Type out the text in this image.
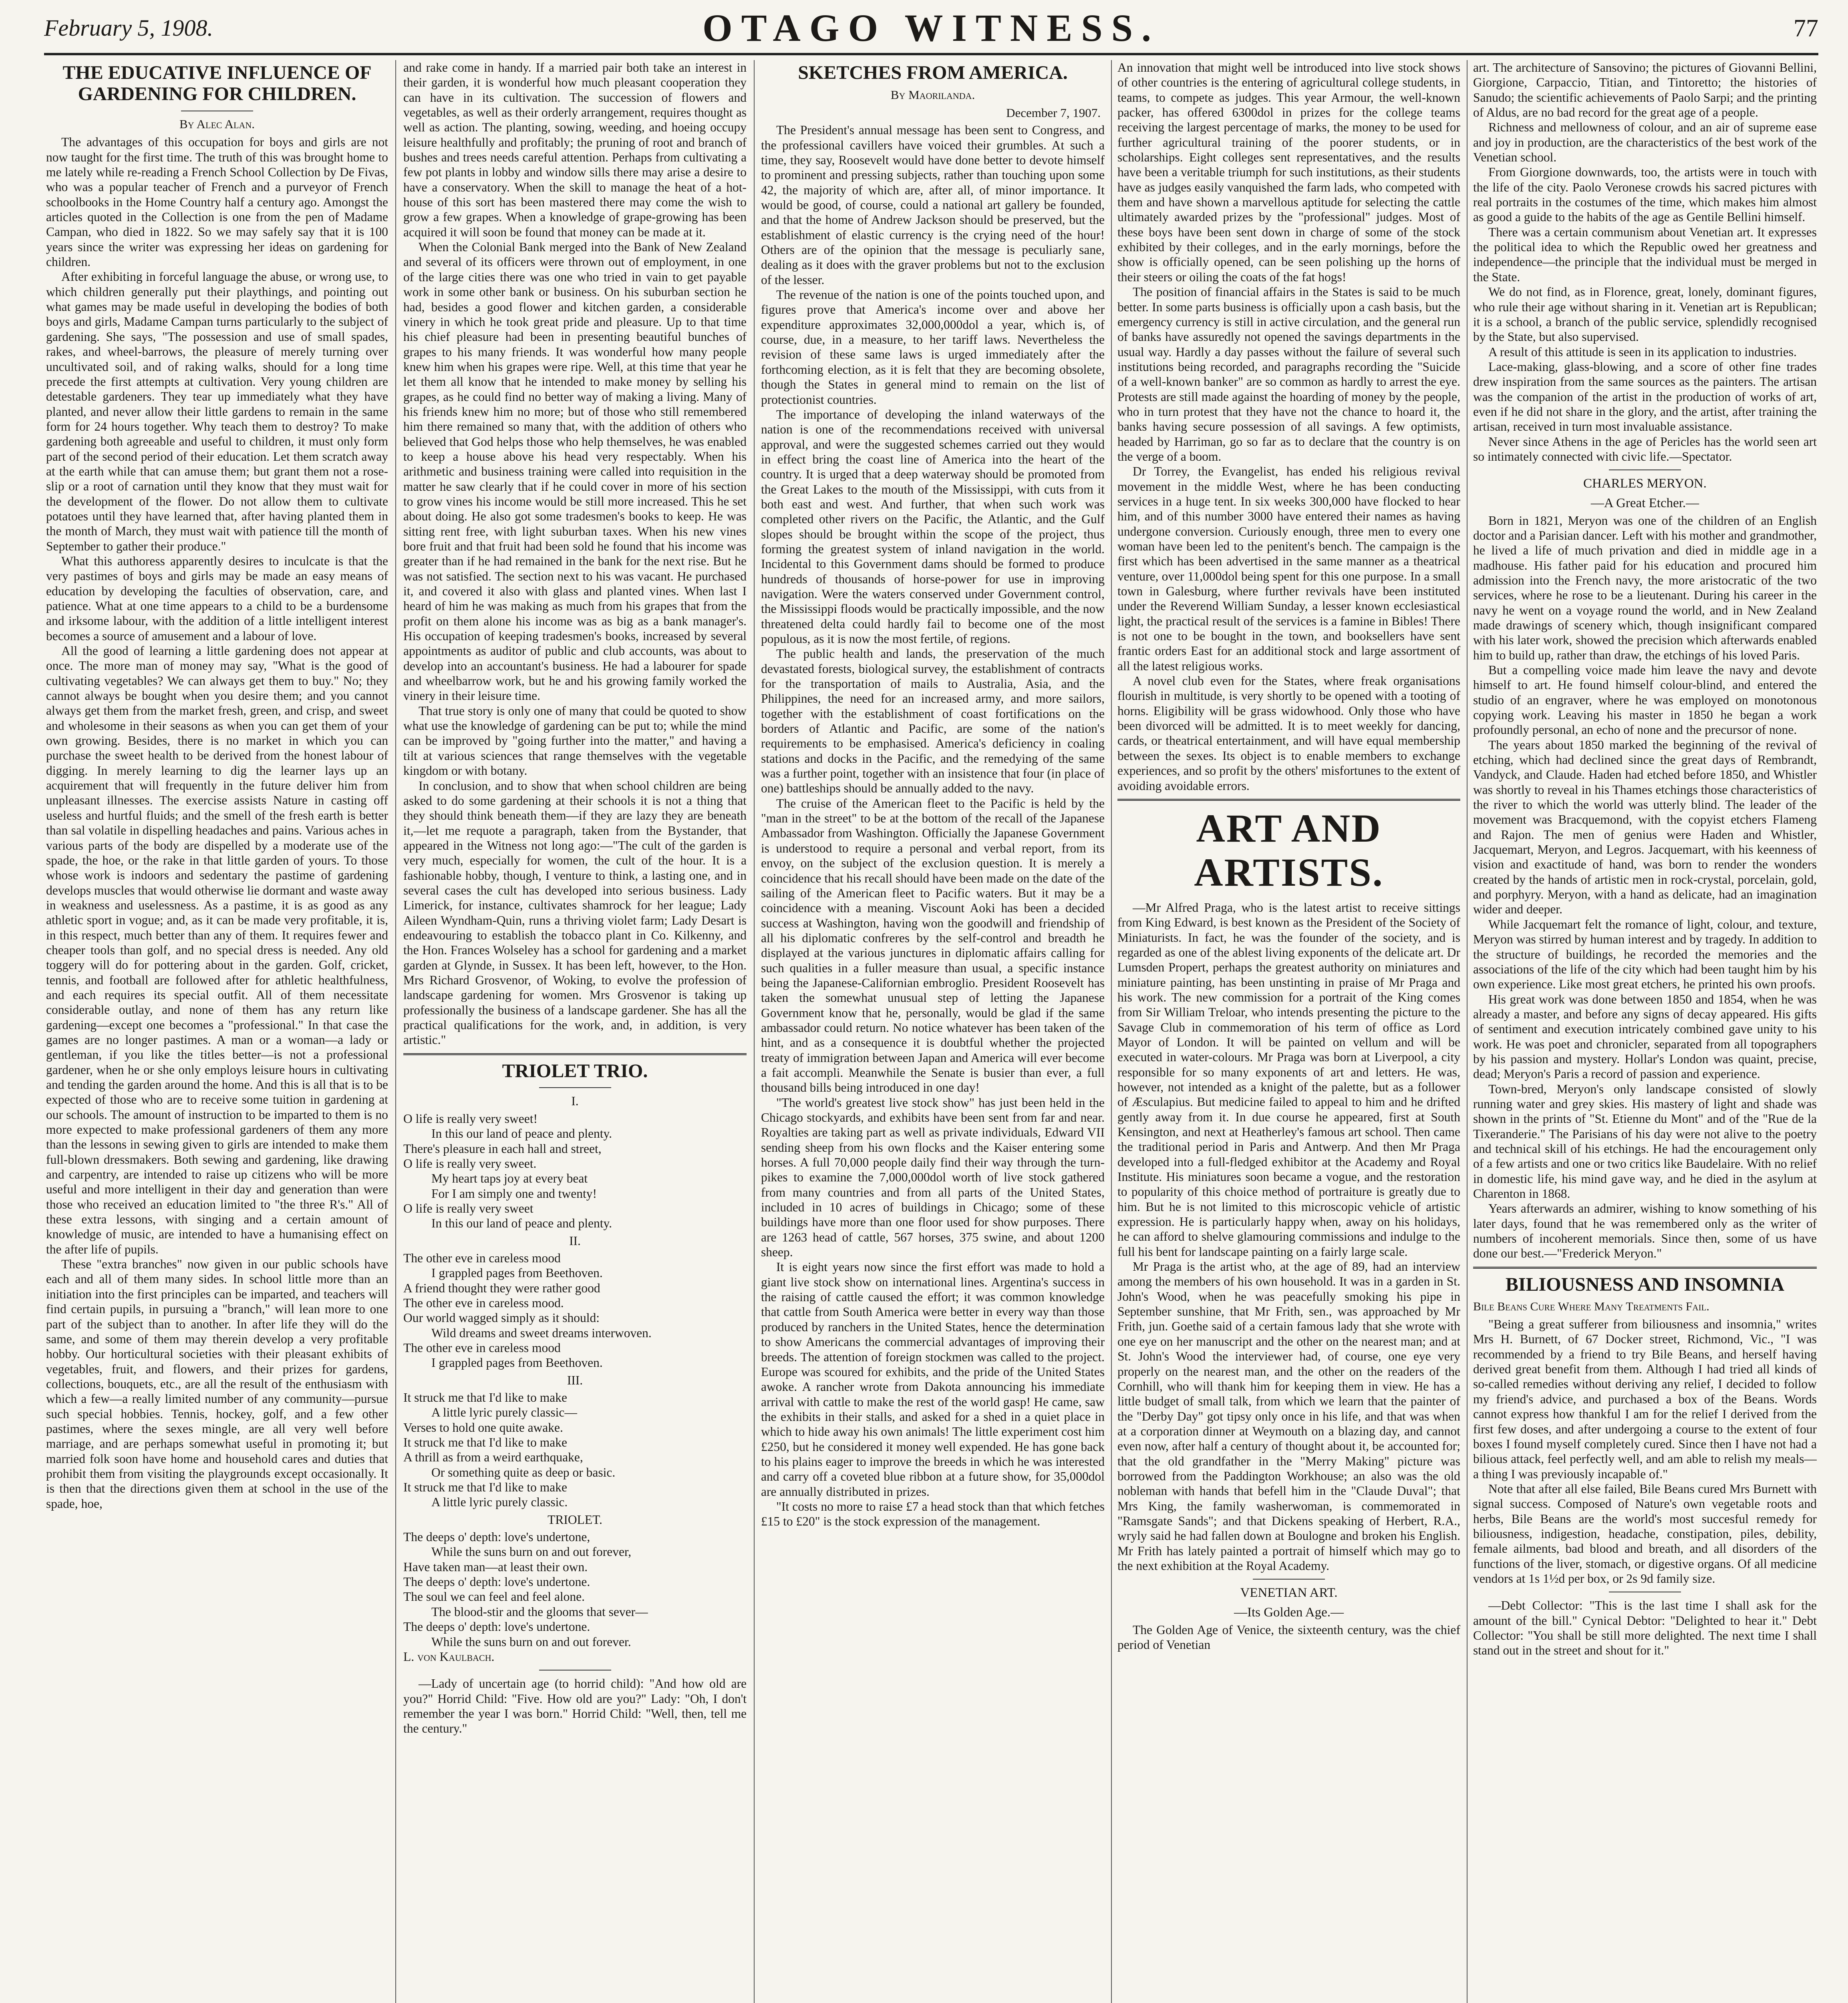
February 5, 1908.	OTAGO WITNESS.	77
THE EDUCATIVE INFLUENCE OF GARDENING FOR CHILDREN.
By Alec Alan.

The advantages of this occupation for boys and girls are not now taught for the first time. The truth of this was brought home to me lately while re-reading a French School Collection by De Fivas, who was a popular teacher of French and a purveyor of French schoolbooks in the Home Country half a century ago. Amongst the articles quoted in the Collection is one from the pen of Madame Campan, who died in 1822. So we may safely say that it is 100 years since the writer was expressing her ideas on gardening for children.

After exhibiting in forceful language the abuse, or wrong use, to which children generally put their playthings, and pointing out what games may be made useful in developing the bodies of both boys and girls, Madame Campan turns particularly to the subject of gardening. She says, "The possession and use of small spades, rakes, and wheel-barrows, the pleasure of merely turning over uncultivated soil, and of raking walks, should for a long time precede the first attempts at cultivation. Very young children are detestable gardeners. They tear up immediately what they have planted, and never allow their little gardens to remain in the same form for 24 hours together. Why teach them to destroy? To make gardening both agreeable and useful to children, it must only form part of the second period of their education. Let them scratch away at the earth while that can amuse them; but grant them not a rose-slip or a root of carnation until they know that they must wait for the development of the flower. Do not allow them to cultivate potatoes until they have learned that, after having planted them in the month of March, they must wait with patience till the month of September to gather their produce."

What this authoress apparently desires to inculcate is that the very pastimes of boys and girls may be made an easy means of education by developing the faculties of observation, care, and patience. What at one time appears to a child to be a burdensome and irksome labour, with the addition of a little intelligent interest becomes a source of amusement and a labour of love.

All the good of learning a little gardening does not appear at once. The more man of money may say, "What is the good of cultivating vegetables? We can always get them to buy." No; they cannot always be bought when you desire them; and you cannot always get them from the market fresh, green, and crisp, and sweet and wholesome in their seasons as when you can get them of your own growing. Besides, there is no market in which you can purchase the sweet health to be derived from the honest labour of digging. In merely learning to dig the learner lays up an acquirement that will frequently in the future deliver him from unpleasant illnesses. The exercise assists Nature in casting off useless and hurtful fluids; and the smell of the fresh earth is better than sal volatile in dispelling headaches and pains. Various aches in various parts of the body are dispelled by a moderate use of the spade, the hoe, or the rake in that little garden of yours. To those whose work is indoors and sedentary the pastime of gardening develops muscles that would otherwise lie dormant and waste away in weakness and uselessness. As a pastime, it is as good as any athletic sport in vogue; and, as it can be made very profitable, it is, in this respect, much better than any of them. It requires fewer and cheaper tools than golf, and no special dress is needed. Any old toggery will do for pottering about in the garden. Golf, cricket, tennis, and football are followed after for athletic healthfulness, and each requires its special outfit. All of them necessitate considerable outlay, and none of them has any return like gardening—except one becomes a "professional." In that case the games are no longer pastimes. A man or a woman—a lady or gentleman, if you like the titles better—is not a professional gardener, when he or she only employs leisure hours in cultivating and tending the garden around the home. And this is all that is to be expected of those who are to receive some tuition in gardening at our schools. The amount of instruction to be imparted to them is no more expected to make professional gardeners of them any more than the lessons in sewing given to girls are intended to make them full-blown dressmakers. Both sewing and gardening, like drawing and carpentry, are intended to raise up citizens who will be more useful and more intelligent in their day and generation than were those who received an education limited to "the three R's." All of these extra lessons, with singing and a certain amount of knowledge of music, are intended to have a humanising effect on the after life of pupils.

These "extra branches" now given in our public schools have each and all of them many sides. In school little more than an initiation into the first principles can be imparted, and teachers will find certain pupils, in pursuing a "branch," will lean more to one part of the subject than to another. In after life they will do the same, and some of them may therein develop a very profitable hobby. Our horticultural societies with their pleasant exhibits of vegetables, fruit, and flowers, and their prizes for gardens, collections, bouquets, etc., are all the result of the enthusiasm with which a few—a really limited number of any community—pursue such special hobbies. Tennis, hockey, golf, and a few other pastimes, where the sexes mingle, are all very well before marriage, and are perhaps somewhat useful in promoting it; but married folk soon have home and household cares and duties that prohibit them from visiting the playgrounds except occasionally. It is then that the directions given them at school in the use of the spade, hoe,

and rake come in handy. If a married pair both take an interest in their garden, it is wonderful how much pleasant cooperation they can have in its cultivation. The succession of flowers and vegetables, as well as their orderly arrangement, requires thought as well as action. The planting, sowing, weeding, and hoeing occupy leisure healthfully and profitably; the pruning of root and branch of bushes and trees needs careful attention. Perhaps from cultivating a few pot plants in lobby and window sills there may arise a desire to have a conservatory. When the skill to manage the heat of a hot-house of this sort has been mastered there may come the wish to grow a few grapes. When a knowledge of grape-growing has been acquired it will soon be found that money can be made at it.

When the Colonial Bank merged into the Bank of New Zealand and several of its officers were thrown out of employment, in one of the large cities there was one who tried in vain to get payable work in some other bank or business. On his suburban section he had, besides a good flower and kitchen garden, a considerable vinery in which he took great pride and pleasure. Up to that time his chief pleasure had been in presenting beautiful bunches of grapes to his many friends. It was wonderful how many people knew him when his grapes were ripe. Well, at this time that year he let them all know that he intended to make money by selling his grapes, as he could find no better way of making a living. Many of his friends knew him no more; but of those who still remembered him there remained so many that, with the addition of others who believed that God helps those who help themselves, he was enabled to keep a house above his head very respectably. When his arithmetic and business training were called into requisition in the matter he saw clearly that if he could cover in more of his section to grow vines his income would be still more increased. This he set about doing. He also got some tradesmen's books to keep. He was sitting rent free, with light suburban taxes. When his new vines bore fruit and that fruit had been sold he found that his income was greater than if he had remained in the bank for the next rise. But he was not satisfied. The section next to his was vacant. He purchased it, and covered it also with glass and planted vines. When last I heard of him he was making as much from his grapes that from the profit on them alone his income was as big as a bank manager's. His occupation of keeping tradesmen's books, increased by several appointments as auditor of public and club accounts, was about to develop into an accountant's business. He had a labourer for spade and wheelbarrow work, but he and his growing family worked the vinery in their leisure time.

That true story is only one of many that could be quoted to show what use the knowledge of gardening can be put to; while the mind can be improved by "going further into the matter," and having a tilt at various sciences that range themselves with the vegetable kingdom or with botany.

In conclusion, and to show that when school children are being asked to do some gardening at their schools it is not a thing that they should think beneath them—if they are lazy they are beneath it,—let me requote a paragraph, taken from the Bystander, that appeared in the Witness not long ago:—"The cult of the garden is very much, especially for women, the cult of the hour. It is a fashionable hobby, though, I venture to think, a lasting one, and in several cases the cult has developed into serious business. Lady Limerick, for instance, cultivates shamrock for her league; Lady Aileen Wyndham-Quin, runs a thriving violet farm; Lady Desart is endeavouring to establish the tobacco plant in Co. Kilkenny, and the Hon. Frances Wolseley has a school for gardening and a market garden at Glynde, in Sussex. It has been left, however, to the Hon. Mrs Richard Grosvenor, of Woking, to evolve the profession of landscape gardening for women. Mrs Grosvenor is taking up professionally the business of a landscape gardener. She has all the practical qualifications for the work, and, in addition, is very artistic."

TRIOLET TRIO.

I.

O life is really very sweet!

In this our land of peace and plenty.

There's pleasure in each hall and street,

O life is really very sweet.

My heart taps joy at every beat

For I am simply one and twenty!

O life is really very sweet

In this our land of peace and plenty.

II.

The other eve in careless mood

I grappled pages from Beethoven.

A friend thought they were rather good

The other eve in careless mood.

Our world wagged simply as it should:

Wild dreams and sweet dreams interwoven.

The other eve in careless mood

I grappled pages from Beethoven.

III.

It struck me that I'd like to make

A little lyric purely classic—

Verses to hold one quite awake.

It struck me that I'd like to make

A thrill as from a weird earthquake,

Or something quite as deep or basic.

It struck me that I'd like to make

A little lyric purely classic.

TRIOLET.

The deeps o' depth: love's undertone,

While the suns burn on and out forever,

Have taken man—at least their own.

The deeps o' depth: love's undertone.

The soul we can feel and feel alone.

The blood-stir and the glooms that sever—

The deeps o' depth: love's undertone.

While the suns burn on and out forever.

L. von Kaulbach.

—Lady of uncertain age (to horrid child): "And how old are you?" Horrid Child: "Five. How old are you?" Lady: "Oh, I don't remember the year I was born." Horrid Child: "Well, then, tell me the century."

SKETCHES FROM AMERICA.
By Maorilanda.
December 7, 1907.

The President's annual message has been sent to Congress, and the professional cavillers have voiced their grumbles. At such a time, they say, Roosevelt would have done better to devote himself to prominent and pressing subjects, rather than touching upon some 42, the majority of which are, after all, of minor importance. It would be good, of course, could a national art gallery be founded, and that the home of Andrew Jackson should be preserved, but the establishment of elastic currency is the crying need of the hour! Others are of the opinion that the message is peculiarly sane, dealing as it does with the graver problems but not to the exclusion of the lesser.

The revenue of the nation is one of the points touched upon, and figures prove that America's income over and above her expenditure approximates 32,000,000dol a year, which is, of course, due, in a measure, to her tariff laws. Nevertheless the revision of these same laws is urged immediately after the forthcoming election, as it is felt that they are becoming obsolete, though the States in general mind to remain on the list of protectionist countries.

The importance of developing the inland waterways of the nation is one of the recommendations received with universal approval, and were the suggested schemes carried out they would in effect bring the coast line of America into the heart of the country. It is urged that a deep waterway should be promoted from the Great Lakes to the mouth of the Mississippi, with cuts from it both east and west. And further, that when such work was completed other rivers on the Pacific, the Atlantic, and the Gulf slopes should be brought within the scope of the project, thus forming the greatest system of inland navigation in the world. Incidental to this Government dams should be formed to produce hundreds of thousands of horse-power for use in improving navigation. Were the waters conserved under Government control, the Mississippi floods would be practically impossible, and the now threatened delta could hardly fail to become one of the most populous, as it is now the most fertile, of regions.

The public health and lands, the preservation of the much devastated forests, biological survey, the establishment of contracts for the transportation of mails to Australia, Asia, and the Philippines, the need for an increased army, and more sailors, together with the establishment of coast fortifications on the borders of Atlantic and Pacific, are some of the nation's requirements to be emphasised. America's deficiency in coaling stations and docks in the Pacific, and the remedying of the same was a further point, together with an insistence that four (in place of one) battleships should be annually added to the navy.

The cruise of the American fleet to the Pacific is held by the "man in the street" to be at the bottom of the recall of the Japanese Ambassador from Washington. Officially the Japanese Government is understood to require a personal and verbal report, from its envoy, on the subject of the exclusion question. It is merely a coincidence that his recall should have been made on the date of the sailing of the American fleet to Pacific waters. But it may be a coincidence with a meaning. Viscount Aoki has been a decided success at Washington, having won the goodwill and friendship of all his diplomatic confreres by the self-control and breadth he displayed at the various junctures in diplomatic affairs calling for such qualities in a fuller measure than usual, a specific instance being the Japanese-Californian embroglio. President Roosevelt has taken the somewhat unusual step of letting the Japanese Government know that he, personally, would be glad if the same ambassador could return. No notice whatever has been taken of the hint, and as a consequence it is doubtful whether the projected treaty of immigration between Japan and America will ever become a fait accompli. Meanwhile the Senate is busier than ever, a full thousand bills being introduced in one day!

"The world's greatest live stock show" has just been held in the Chicago stockyards, and exhibits have been sent from far and near. Royalties are taking part as well as private individuals, Edward VII sending sheep from his own flocks and the Kaiser entering some horses. A full 70,000 people daily find their way through the turn-pikes to examine the 7,000,000dol worth of live stock gathered from many countries and from all parts of the United States, included in 10 acres of buildings in Chicago; some of these buildings have more than one floor used for show purposes. There are 1263 head of cattle, 567 horses, 375 swine, and about 1200 sheep.

It is eight years now since the first effort was made to hold a giant live stock show on international lines. Argentina's success in the raising of cattle caused the effort; it was common knowledge that cattle from South America were better in every way than those produced by ranchers in the United States, hence the determination to show Americans the commercial advantages of improving their breeds. The attention of foreign stockmen was called to the project. Europe was scoured for exhibits, and the pride of the United States awoke. A rancher wrote from Dakota announcing his immediate arrival with cattle to make the rest of the world gasp! He came, saw the exhibits in their stalls, and asked for a shed in a quiet place in which to hide away his own animals! The little experiment cost him £250, but he considered it money well expended. He has gone back to his plains eager to improve the breeds in which he was interested and carry off a coveted blue ribbon at a future show, for 35,000dol are annually distributed in prizes.

"It costs no more to raise £7 a head stock than that which fetches £15 to £20" is the stock expression of the management.

An innovation that might well be introduced into live stock shows of other countries is the entering of agricultural college students, in teams, to compete as judges. This year Armour, the well-known packer, has offered 6300dol in prizes for the college teams receiving the largest percentage of marks, the money to be used for further agricultural training of the poorer students, or in scholarships. Eight colleges sent representatives, and the results have been a veritable triumph for such institutions, as their students have as judges easily vanquished the farm lads, who competed with them and have shown a marvellous aptitude for selecting the cattle ultimately awarded prizes by the "professional" judges. Most of these boys have been sent down in charge of some of the stock exhibited by their colleges, and in the early mornings, before the show is officially opened, can be seen polishing up the horns of their steers or oiling the coats of the fat hogs!

The position of financial affairs in the States is said to be much better. In some parts business is officially upon a cash basis, but the emergency currency is still in active circulation, and the general run of banks have assuredly not opened the savings departments in the usual way. Hardly a day passes without the failure of several such institutions being recorded, and paragraphs recording the "Suicide of a well-known banker" are so common as hardly to arrest the eye. Protests are still made against the hoarding of money by the people, who in turn protest that they have not the chance to hoard it, the banks having secure possession of all savings. A few optimists, headed by Harriman, go so far as to declare that the country is on the verge of a boom.

Dr Torrey, the Evangelist, has ended his religious revival movement in the middle West, where he has been conducting services in a huge tent. In six weeks 300,000 have flocked to hear him, and of this number 3000 have entered their names as having undergone conversion. Curiously enough, three men to every one woman have been led to the penitent's bench. The campaign is the first which has been advertised in the same manner as a theatrical venture, over 11,000dol being spent for this one purpose. In a small town in Galesburg, where further revivals have been instituted under the Reverend William Sunday, a lesser known ecclesiastical light, the practical result of the services is a famine in Bibles! There is not one to be bought in the town, and booksellers have sent frantic orders East for an additional stock and large assortment of all the latest religious works.

A novel club even for the States, where freak organisations flourish in multitude, is very shortly to be opened with a tooting of horns. Eligibility will be grass widowhood. Only those who have been divorced will be admitted. It is to meet weekly for dancing, cards, or theatrical entertainment, and will have equal membership between the sexes. Its object is to enable members to exchange experiences, and so profit by the others' misfortunes to the extent of avoiding avoidable errors.

ART AND ARTISTS.

—Mr Alfred Praga, who is the latest artist to receive sittings from King Edward, is best known as the President of the Society of Miniaturists. In fact, he was the founder of the society, and is regarded as one of the ablest living exponents of the delicate art. Dr Lumsden Propert, perhaps the greatest authority on miniatures and miniature painting, has been unstinting in praise of Mr Praga and his work. The new commission for a portrait of the King comes from Sir William Treloar, who intends presenting the picture to the Savage Club in commemoration of his term of office as Lord Mayor of London. It will be painted on vellum and will be executed in water-colours. Mr Praga was born at Liverpool, a city responsible for so many exponents of art and letters. He was, however, not intended as a knight of the palette, but as a follower of Æsculapius. But medicine failed to appeal to him and he drifted gently away from it. In due course he appeared, first at South Kensington, and next at Heatherley's famous art school. Then came the traditional period in Paris and Antwerp. And then Mr Praga developed into a full-fledged exhibitor at the Academy and Royal Institute. His miniatures soon became a vogue, and the restoration to popularity of this choice method of portraiture is greatly due to him. But he is not limited to this microscopic vehicle of artistic expression. He is particularly happy when, away on his holidays, he can afford to shelve glamouring commissions and indulge to the full his bent for landscape painting on a fairly large scale.

Mr Praga is the artist who, at the age of 89, had an interview among the members of his own household. It was in a garden in St. John's Wood, when he was peacefully smoking his pipe in September sunshine, that Mr Frith, sen., was approached by Mr Frith, jun. Goethe said of a certain famous lady that she wrote with one eye on her manuscript and the other on the nearest man; and at St. John's Wood the interviewer had, of course, one eye very properly on the nearest man, and the other on the readers of the Cornhill, who will thank him for keeping them in view. He has a little budget of small talk, from which we learn that the painter of the "Derby Day" got tipsy only once in his life, and that was when at a corporation dinner at Weymouth on a blazing day, and cannot even now, after half a century of thought about it, be accounted for; that the old grandfather in the "Merry Making" picture was borrowed from the Paddington Workhouse; an also was the old nobleman with hands that befell him in the "Claude Duval"; that Mrs King, the family washerwoman, is commemorated in "Ramsgate Sands"; and that Dickens speaking of Herbert, R.A., wryly said he had fallen down at Boulogne and broken his English. Mr Frith has lately painted a portrait of himself which may go to the next exhibition at the Royal Academy.

VENETIAN ART.
—Its Golden Age.—

The Golden Age of Venice, the sixteenth century, was the chief period of Venetian

art. The architecture of Sansovino; the pictures of Giovanni Bellini, Giorgione, Carpaccio, Titian, and Tintoretto; the histories of Sanudo; the scientific achievements of Paolo Sarpi; and the printing of Aldus, are no bad record for the great age of a people.

Richness and mellowness of colour, and an air of supreme ease and joy in production, are the characteristics of the best work of the Venetian school.

From Giorgione downwards, too, the artists were in touch with the life of the city. Paolo Veronese crowds his sacred pictures with real portraits in the costumes of the time, which makes him almost as good a guide to the habits of the age as Gentile Bellini himself.

There was a certain communism about Venetian art. It expresses the political idea to which the Republic owed her greatness and independence—the principle that the individual must be merged in the State.

We do not find, as in Florence, great, lonely, dominant figures, who rule their age without sharing in it. Venetian art is Republican; it is a school, a branch of the public service, splendidly recognised by the State, but also supervised.

A result of this attitude is seen in its application to industries.

Lace-making, glass-blowing, and a score of other fine trades drew inspiration from the same sources as the painters. The artisan was the companion of the artist in the production of works of art, even if he did not share in the glory, and the artist, after training the artisan, received in turn most invaluable assistance.

Never since Athens in the age of Pericles has the world seen art so intimately connected with civic life.—Spectator.

CHARLES MERYON.
—A Great Etcher.—

Born in 1821, Meryon was one of the children of an English doctor and a Parisian dancer. Left with his mother and grandmother, he lived a life of much privation and died in middle age in a madhouse. His father paid for his education and procured him admission into the French navy, the more aristocratic of the two services, where he rose to be a lieutenant. During his career in the navy he went on a voyage round the world, and in New Zealand made drawings of scenery which, though insignificant compared with his later work, showed the precision which afterwards enabled him to build up, rather than draw, the etchings of his loved Paris.

But a compelling voice made him leave the navy and devote himself to art. He found himself colour-blind, and entered the studio of an engraver, where he was employed on monotonous copying work. Leaving his master in 1850 he began a work profoundly personal, an echo of none and the precursor of none.

The years about 1850 marked the beginning of the revival of etching, which had declined since the great days of Rembrandt, Vandyck, and Claude. Haden had etched before 1850, and Whistler was shortly to reveal in his Thames etchings those characteristics of the river to which the world was utterly blind. The leader of the movement was Bracquemond, with the copyist etchers Flameng and Rajon. The men of genius were Haden and Whistler, Jacquemart, Meryon, and Legros. Jacquemart, with his keenness of vision and exactitude of hand, was born to render the wonders created by the hands of artistic men in rock-crystal, porcelain, gold, and porphyry. Meryon, with a hand as delicate, had an imagination wider and deeper.

While Jacquemart felt the romance of light, colour, and texture, Meryon was stirred by human interest and by tragedy. In addition to the structure of buildings, he recorded the memories and the associations of the life of the city which had been taught him by his own experience. Like most great etchers, he printed his own proofs.

His great work was done between 1850 and 1854, when he was already a master, and before any signs of decay appeared. His gifts of sentiment and execution intricately combined gave unity to his work. He was poet and chronicler, separated from all topographers by his passion and mystery. Hollar's London was quaint, precise, dead; Meryon's Paris a record of passion and experience.

Town-bred, Meryon's only landscape consisted of slowly running water and grey skies. His mastery of light and shade was shown in the prints of "St. Etienne du Mont" and of the "Rue de la Tixeranderie." The Parisians of his day were not alive to the poetry and technical skill of his etchings. He had the encouragement only of a few artists and one or two critics like Baudelaire. With no relief in domestic life, his mind gave way, and he died in the asylum at Charenton in 1868.

Years afterwards an admirer, wishing to know something of his later days, found that he was remembered only as the writer of numbers of incoherent memorials. Since then, some of us have done our best.—"Frederick Meryon."

BILIOUSNESS AND INSOMNIA
Bile Beans Cure Where Many Treatments Fail.

"Being a great sufferer from biliousness and insomnia," writes Mrs H. Burnett, of 67 Docker street, Richmond, Vic., "I was recommended by a friend to try Bile Beans, and herself having derived great benefit from them. Although I had tried all kinds of so-called remedies without deriving any relief, I decided to follow my friend's advice, and purchased a box of the Beans. Words cannot express how thankful I am for the relief I derived from the first few doses, and after undergoing a course to the extent of four boxes I found myself completely cured. Since then I have not had a bilious attack, feel perfectly well, and am able to relish my meals—a thing I was previously incapable of."

Note that after all else failed, Bile Beans cured Mrs Burnett with signal success. Composed of Nature's own vegetable roots and herbs, Bile Beans are the world's most succesful remedy for biliousness, indigestion, headache, constipation, piles, debility, female ailments, bad blood and breath, and all disorders of the functions of the liver, stomach, or digestive organs. Of all medicine vendors at 1s 1½d per box, or 2s 9d family size.

—Debt Collector: "This is the last time I shall ask for the amount of the bill." Cynical Debtor: "Delighted to hear it." Debt Collector: "You shall be still more delighted. The next time I shall stand out in the street and shout for it."
